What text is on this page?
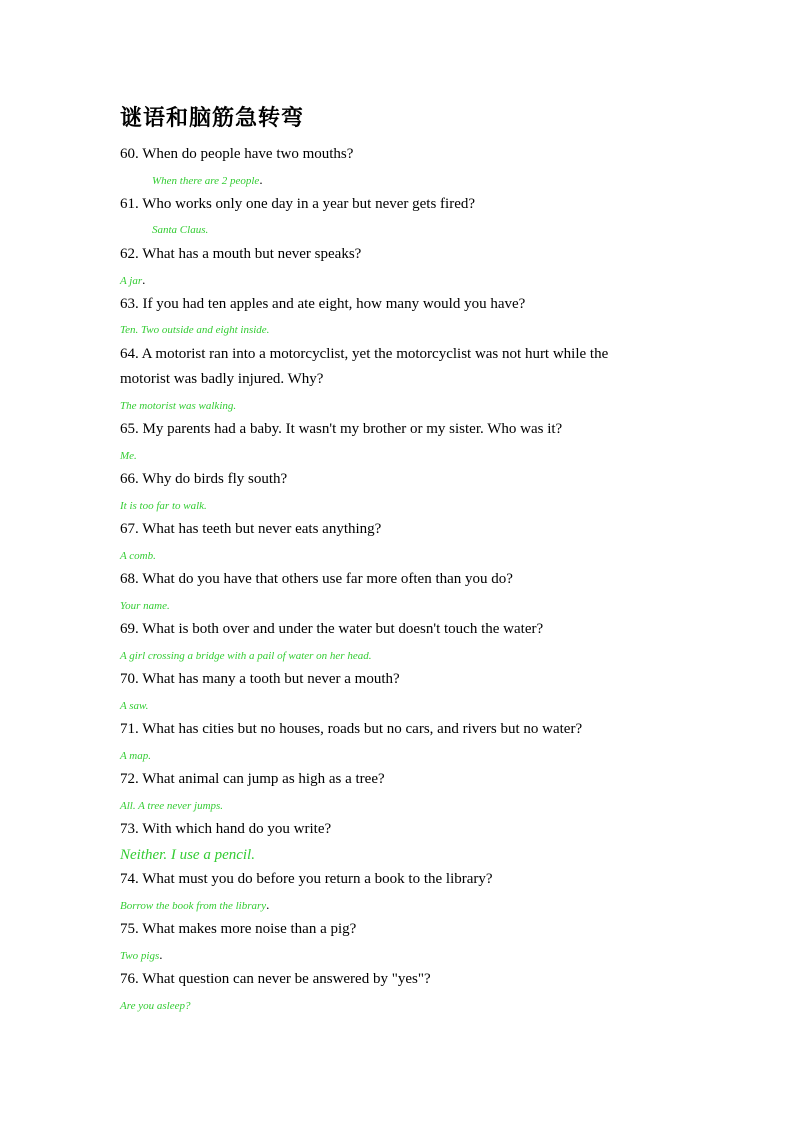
谜语和脑筋急转弯
60. When do people have two mouths?
When there are 2 people.
61. Who works only one day in a year but never gets fired?
Santa Claus.
62. What has a mouth but never speaks?
A jar.
63. If you had ten apples and ate eight, how many would you have?
Ten. Two outside and eight inside.
64. A motorist ran into a motorcyclist, yet the motorcyclist was not hurt while the motorist was badly injured. Why?
The motorist was walking.
65. My parents had a baby. It wasn't my brother or my sister. Who was it?
Me.
66. Why do birds fly south?
It is too far to walk.
67. What has teeth but never eats anything?
A comb.
68. What do you have that others use far more often than you do?
Your name.
69. What is both over and under the water but doesn't touch the water?
A girl crossing a bridge with a pail of water on her head.
70. What has many a tooth but never a mouth?
A saw.
71. What has cities but no houses, roads but no cars, and rivers but no water?
A map.
72. What animal can jump as high as a tree?
All. A tree never jumps.
73. With which hand do you write?
Neither. I use a pencil.
74. What must you do before you return a book to the library?
Borrow the book from the library.
75. What makes more noise than a pig?
Two pigs.
76. What question can never be answered by "yes"?
Are you asleep?
